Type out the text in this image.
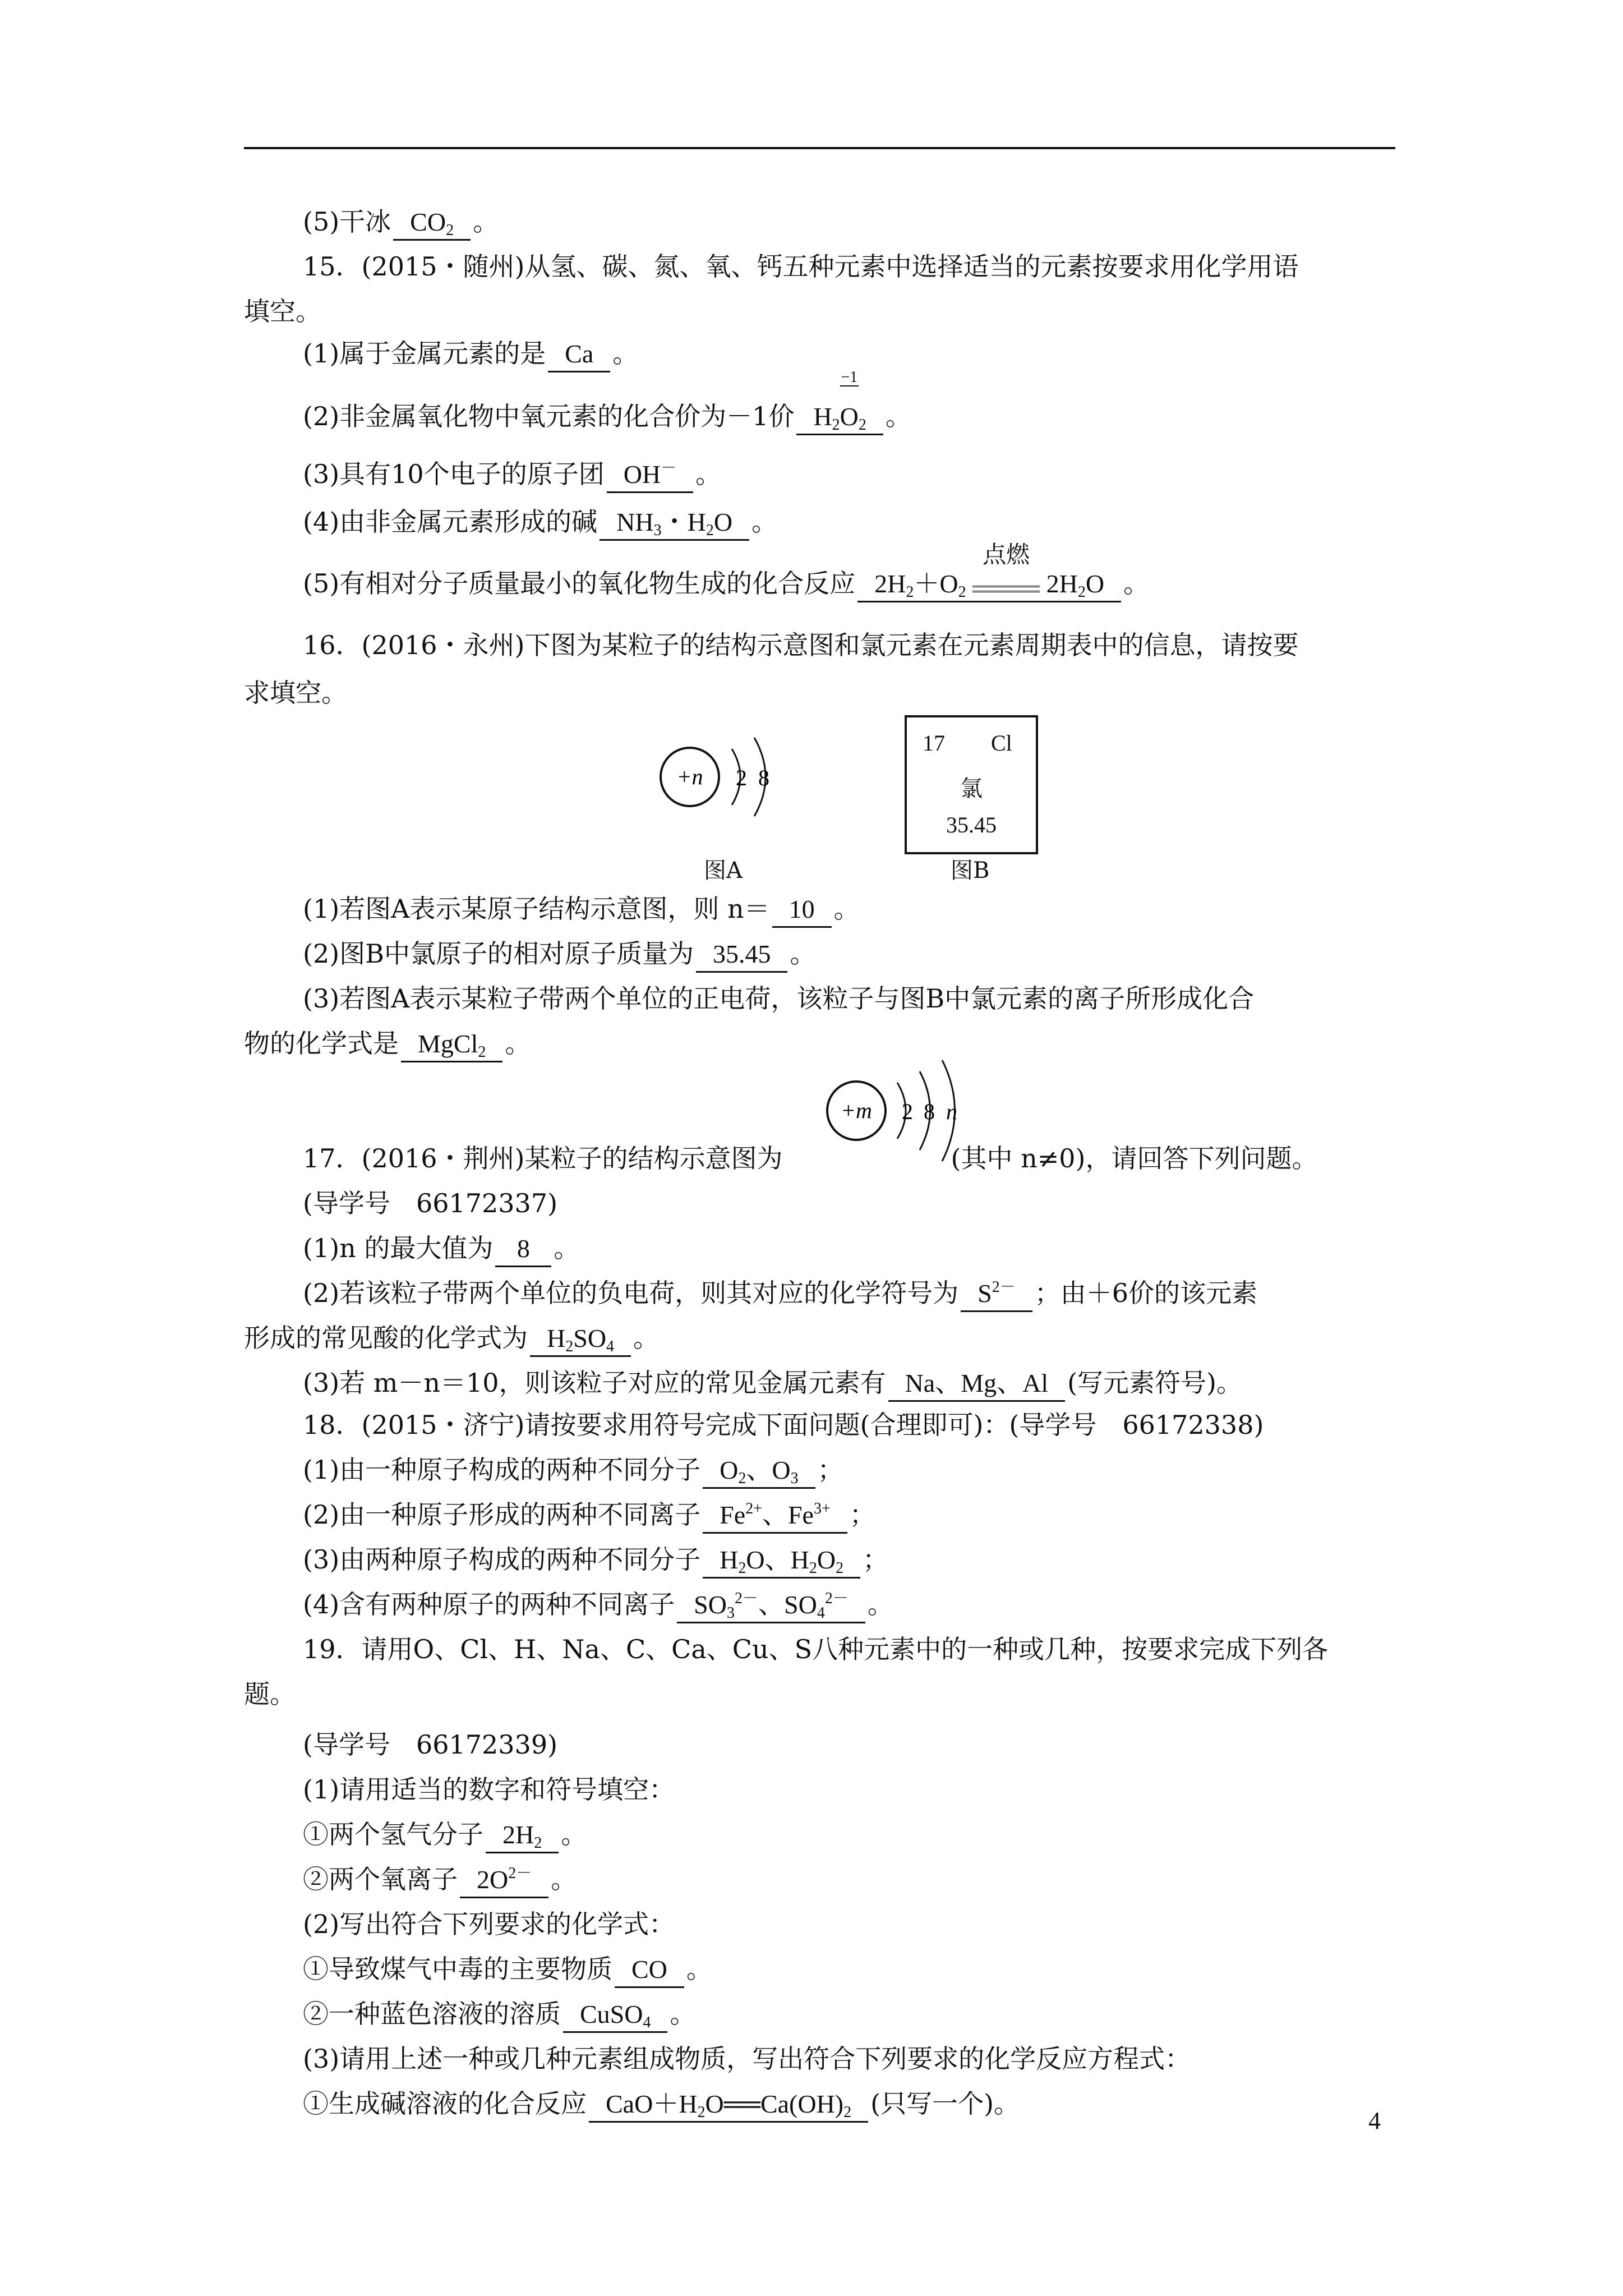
(5)干冰 $CO_2$ 。
15．(2015・随州)从氢、碳、氮、氧、钙五种元素中选择适当的元素按要求用化学用语
填空。
(1)属于金属元素的是 Ca 。
(2)非金属氧化物中氧元素的化合价为－1价 $H_2$
−1
$O_2$ 。
(3)具有10个电子的原子团 OH－ 。
(4)由非金属元素形成的碱 $NH_3$・$H_2O$ 。
(5)有相对分子质量最小的氧化物生成的化合反应 $2H_2+O_2$
点燃
$2H_2O$ 。
16．(2016・永州)下图为某粒子的结构示意图和氯元素在元素周期表中的信息，请按要
求填空。
+n 2 8
图A
17 Cl
氯
35.45
图B
(1)若图A表示某原子结构示意图，则 n＝ 10 。
(2)图B中氯原子的相对原子质量为 35.45 。
(3)若图A表示某粒子带两个单位的正电荷，该粒子与图B中氯元素的离子所形成化合
物的化学式是 MgCl$_2$ 。
+m 2 8 n
17．(2016・荆州)某粒子的结构示意图为	(其中 n≠0)，请回答下列问题。
(导学号　66172337)
(1)n 的最大值为 8 。
(2)若该粒子带两个单位的负电荷，则其对应的化学符号为 $S^{2-}$ ；由＋6价的该元素
形成的常见酸的化学式为 $H_2SO_4$ 。
(3)若 m－n＝10，则该粒子对应的常见金属元素有 Na、Mg、Al (写元素符号)。
18．(2015・济宁)请按要求用符号完成下面问题(合理即可)：(导学号　66172338)
(1)由一种原子构成的两种不同分子 $O_2$、$O_3$ ；
(2)由一种原子形成的两种不同离子 $Fe^{2+}$、$Fe^{3+}$ ；
(3)由两种原子构成的两种不同分子 $H_2O$、$H_2O_2$ ；
(4)含有两种原子的两种不同离子 $SO_3^{2-}$、$SO_4^{2-}$ 。
19．请用O、Cl、H、Na、C、Ca、Cu、S八种元素中的一种或几种，按要求完成下列各
题。
(导学号　66172339)
(1)请用适当的数字和符号填空：
①两个氢气分子 $2H_2$ 。
②两个氧离子 $2O^{2-}$ 。
(2)写出符合下列要求的化学式：
①导致煤气中毒的主要物质 CO 。
②一种蓝色溶液的溶质 CuSO$_4$ 。
(3)请用上述一种或几种元素组成物质，写出符合下列要求的化学反应方程式：
①生成碱溶液的化合反应 $CaO+H_2O══Ca(OH)_2$ (只写一个)。
4
